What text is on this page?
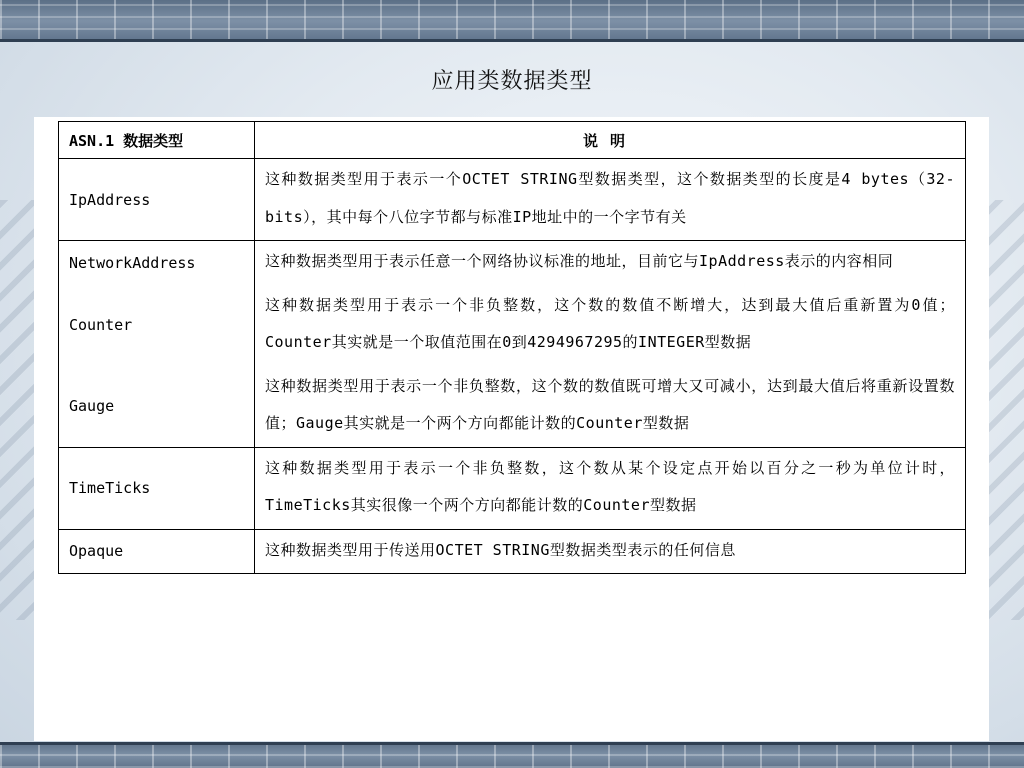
应用类数据类型
ASN.1 数据类型	说明
IpAddress	这种数据类型用于表示一个OCTET STRING型数据类型，这个数据类型的长度是4 bytes（32-bits），其中每个八位字节都与标准IP地址中的一个字节有关
NetworkAddress	这种数据类型用于表示任意一个网络协议标准的地址，目前它与IpAddress表示的内容相同
Counter	这种数据类型用于表示一个非负整数，这个数的数值不断增大，达到最大值后重新置为0值；Counter其实就是一个取值范围在0到4294967295的INTEGER型数据
Gauge	这种数据类型用于表示一个非负整数，这个数的数值既可增大又可减小，达到最大值后将重新设置数值；Gauge其实就是一个两个方向都能计数的Counter型数据
TimeTicks	这种数据类型用于表示一个非负整数，这个数从某个设定点开始以百分之一秒为单位计时，TimeTicks其实很像一个两个方向都能计数的Counter型数据
Opaque	这种数据类型用于传送用OCTET STRING型数据类型表示的任何信息
